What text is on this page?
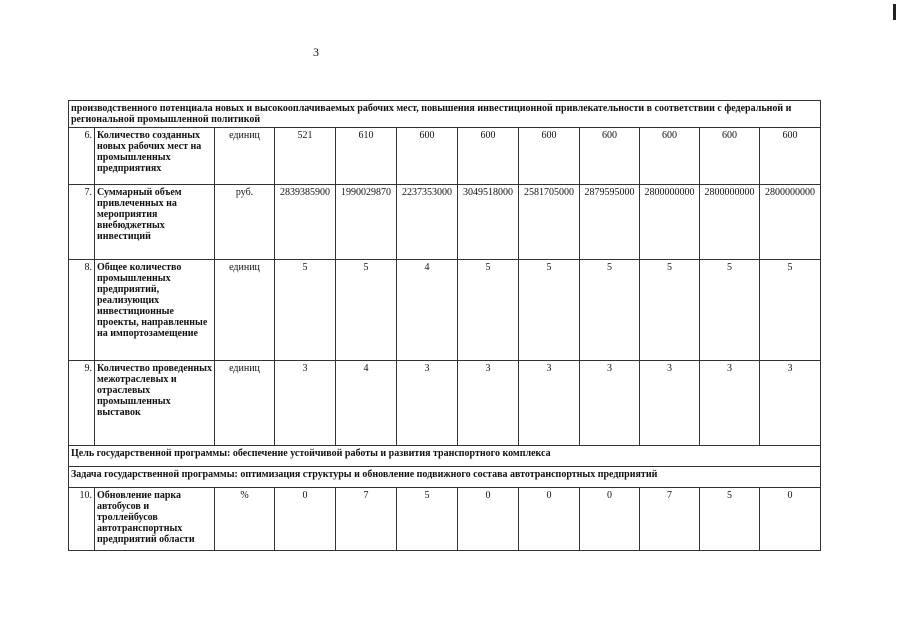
3
производственного потенциала новых и высокооплачиваемых рабочих мест, повышения инвестиционной привлекательности в соответствии с федеральной и региональной промышленной политикой											
6.	Количество созданных новых рабочих мест на промышленных предприятиях	единиц	521	610	600	600	600	600	600	600	600
7.	Суммарный объем привлеченных на мероприятия внебюджетных инвестиций	руб.	2839385900	1990029870	2237353000	3049518000	2581705000	2879595000	2800000000	2800000000	2800000000
8.	Общее количество промышленных предприятий, реализующих инвестиционные проекты, направленные на импортозамещение	единиц	5	5	4	5	5	5	5	5	5
9.	Количество проведенных межотраслевых и отраслевых промышленных выставок	единиц	3	4	3	3	3	3	3	3	3
Цель государственной программы: обеспечение устойчивой работы и развития транспортного комплекса											
Задача государственной программы: оптимизация структуры и обновление подвижного состава автотранспортных предприятий											
10.	Обновление парка автобусов и троллейбусов автотранспортных предприятий области	%	0	7	5	0	0	0	7	5	0
